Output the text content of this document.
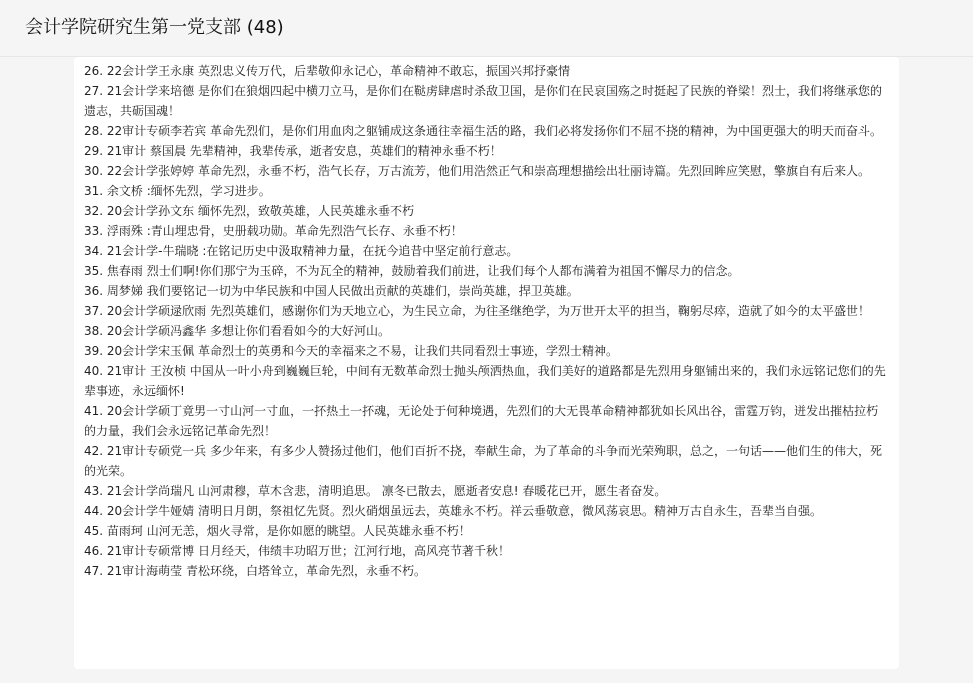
会计学院研究生第一党支部 (48)
26. 22会计学王永康 英烈忠义传万代，后辈敬仰永记心，革命精神不敢忘，振国兴邦抒豪情
27. 21会计学来培德 是你们在狼烟四起中横刀立马，是你们在鞑虏肆虐时杀敌卫国，是你们在民哀国殇之时挺起了民族的脊梁！烈士，我们将继承您的遗志，共砺国魂！
28. 22审计专硕李若宾 革命先烈们，是你们用血肉之躯铺成这条通往幸福生活的路，我们必将发扬你们不屈不挠的精神，为中国更强大的明天而奋斗。
29. 21审计 蔡国晨 先辈精神，我辈传承，逝者安息，英雄们的精神永垂不朽！
30. 22会计学张婷婷 革命先烈，永垂不朽，浩气长存，万古流芳，他们用浩然正气和崇高理想描绘出壮丽诗篇。先烈回眸应笑慰，擎旗自有后来人。
31. 余文桥 :缅怀先烈，学习进步。
32. 20会计学孙文东 缅怀先烈，致敬英雄，人民英雄永垂不朽
33. 浮雨殊 :青山埋忠骨，史册载功勋。革命先烈浩气长存、永垂不朽！
34. 21会计学-牛瑞晓 :在铭记历史中汲取精神力量，在抚今追昔中坚定前行意志。
35. 焦春雨 烈士们啊!你们那宁为玉碎，不为瓦全的精神，鼓励着我们前进，让我们每个人都布满着为祖国不懈尽力的信念。
36. 周梦娣 我们要铭记一切为中华民族和中国人民做出贡献的英雄们，崇尚英雄，捍卫英雄。
37. 20会计学硕逯欣雨 先烈英雄们，感谢你们为天地立心，为生民立命，为往圣继绝学，为万世开太平的担当，鞠躬尽瘁，造就了如今的太平盛世！
38. 20会计学硕冯鑫华 多想让你们看看如今的大好河山。
39. 20会计学宋玉佩 革命烈士的英勇和今天的幸福来之不易，让我们共同看烈士事迹，学烈士精神。
40. 21审计 王汝桢 中国从一叶小舟到巍巍巨轮，中间有无数革命烈士抛头颅洒热血，我们美好的道路都是先烈用身躯铺出来的，我们永远铭记您们的先辈事迹，永远缅怀!
41. 20会计学硕丁竟男一寸山河一寸血，一抔热土一抔魂，无论处于何种境遇，先烈们的大无畏革命精神都犹如长风出谷，雷霆万钧，迸发出摧枯拉朽的力量，我们会永远铭记革命先烈！
42. 21审计专硕党一兵 多少年来，有多少人赞扬过他们，他们百折不挠，奉献生命，为了革命的斗争而光荣殉职，总之，一句话——他们生的伟大，死的光荣。
43. 21会计学尚瑞凡 山河肃穆，草木含悲，清明追思。 凛冬已散去，愿逝者安息! 春暖花已开，愿生者奋发。
44. 20会计学牛娅婧 清明日月朗，祭祖忆先贤。烈火硝烟虽远去，英雄永不朽。祥云垂敬意，微风荡哀思。精神万古自永生，吾辈当自强。
45. 苗雨珂 山河无恙，烟火寻常，是你如愿的眺望。人民英雄永垂不朽！
46. 21审计专硕常博 日月经天，伟绩丰功昭万世；江河行地，高风亮节著千秋！
47. 21审计海萌莹 青松环绕，白塔耸立，革命先烈，永垂不朽。
